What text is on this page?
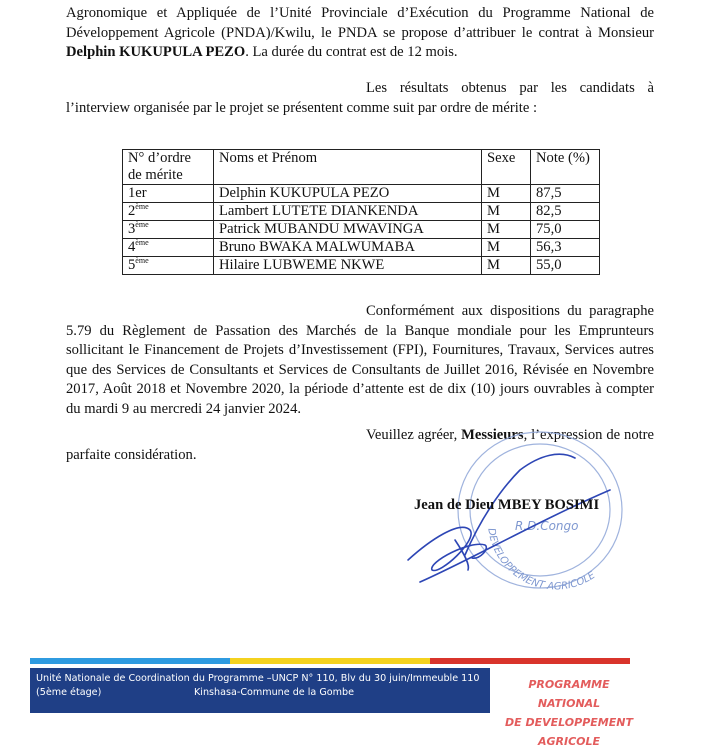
Agronomique et Appliquée de l’Unité Provinciale d’Exécution du Programme National de Développement Agricole (PNDA)/Kwilu, le PNDA se propose d’attribuer le contrat à Monsieur Delphin KUKUPULA PEZO. La durée du contrat est de 12 mois.
Les résultats obtenus par les candidats à l’interview organisée par le projet se présentent comme suit par ordre de mérite :
N° d’ordre de mérite	Noms et Prénom	Sexe	Note (%)
1er	Delphin KUKUPULA PEZO	M	87,5
2ème	Lambert LUTETE DIANKENDA	M	82,5
3ème	Patrick MUBANDU MWAVINGA	M	75,0
4ème	Bruno BWAKA MALWUMABA	M	56,3
5ème	Hilaire LUBWEME NKWE	M	55,0
Conformément aux dispositions du paragraphe 5.79 du Règlement de Passation des Marchés de la Banque mondiale pour les Emprunteurs sollicitant le Financement de Projets d’Investissement (FPI), Fournitures, Travaux, Services autres que des Services de Consultants et Services de Consultants de Juillet 2016, Révisée en Novembre 2017, Août 2018 et Novembre 2020, la période d’attente est de dix (10) jours ouvrables à compter du mardi 9 au mercredi 24 janvier 2024.
Veuillez agréer, Messieurs, l’expression de notre parfaite considération.
R.D.Congo
DEVELOPPEMENT AGRICOLE
Jean de Dieu MBEY BOSIMI
Unité Nationale de Coordination du Programme –UNCP N° 110, Blv du 30 juin/Immeuble 110
(5ème étage)	Kinshasa-Commune de la Gombe
PROGRAMME NATIONAL
DE DEVELOPPEMENT
AGRICOLE
